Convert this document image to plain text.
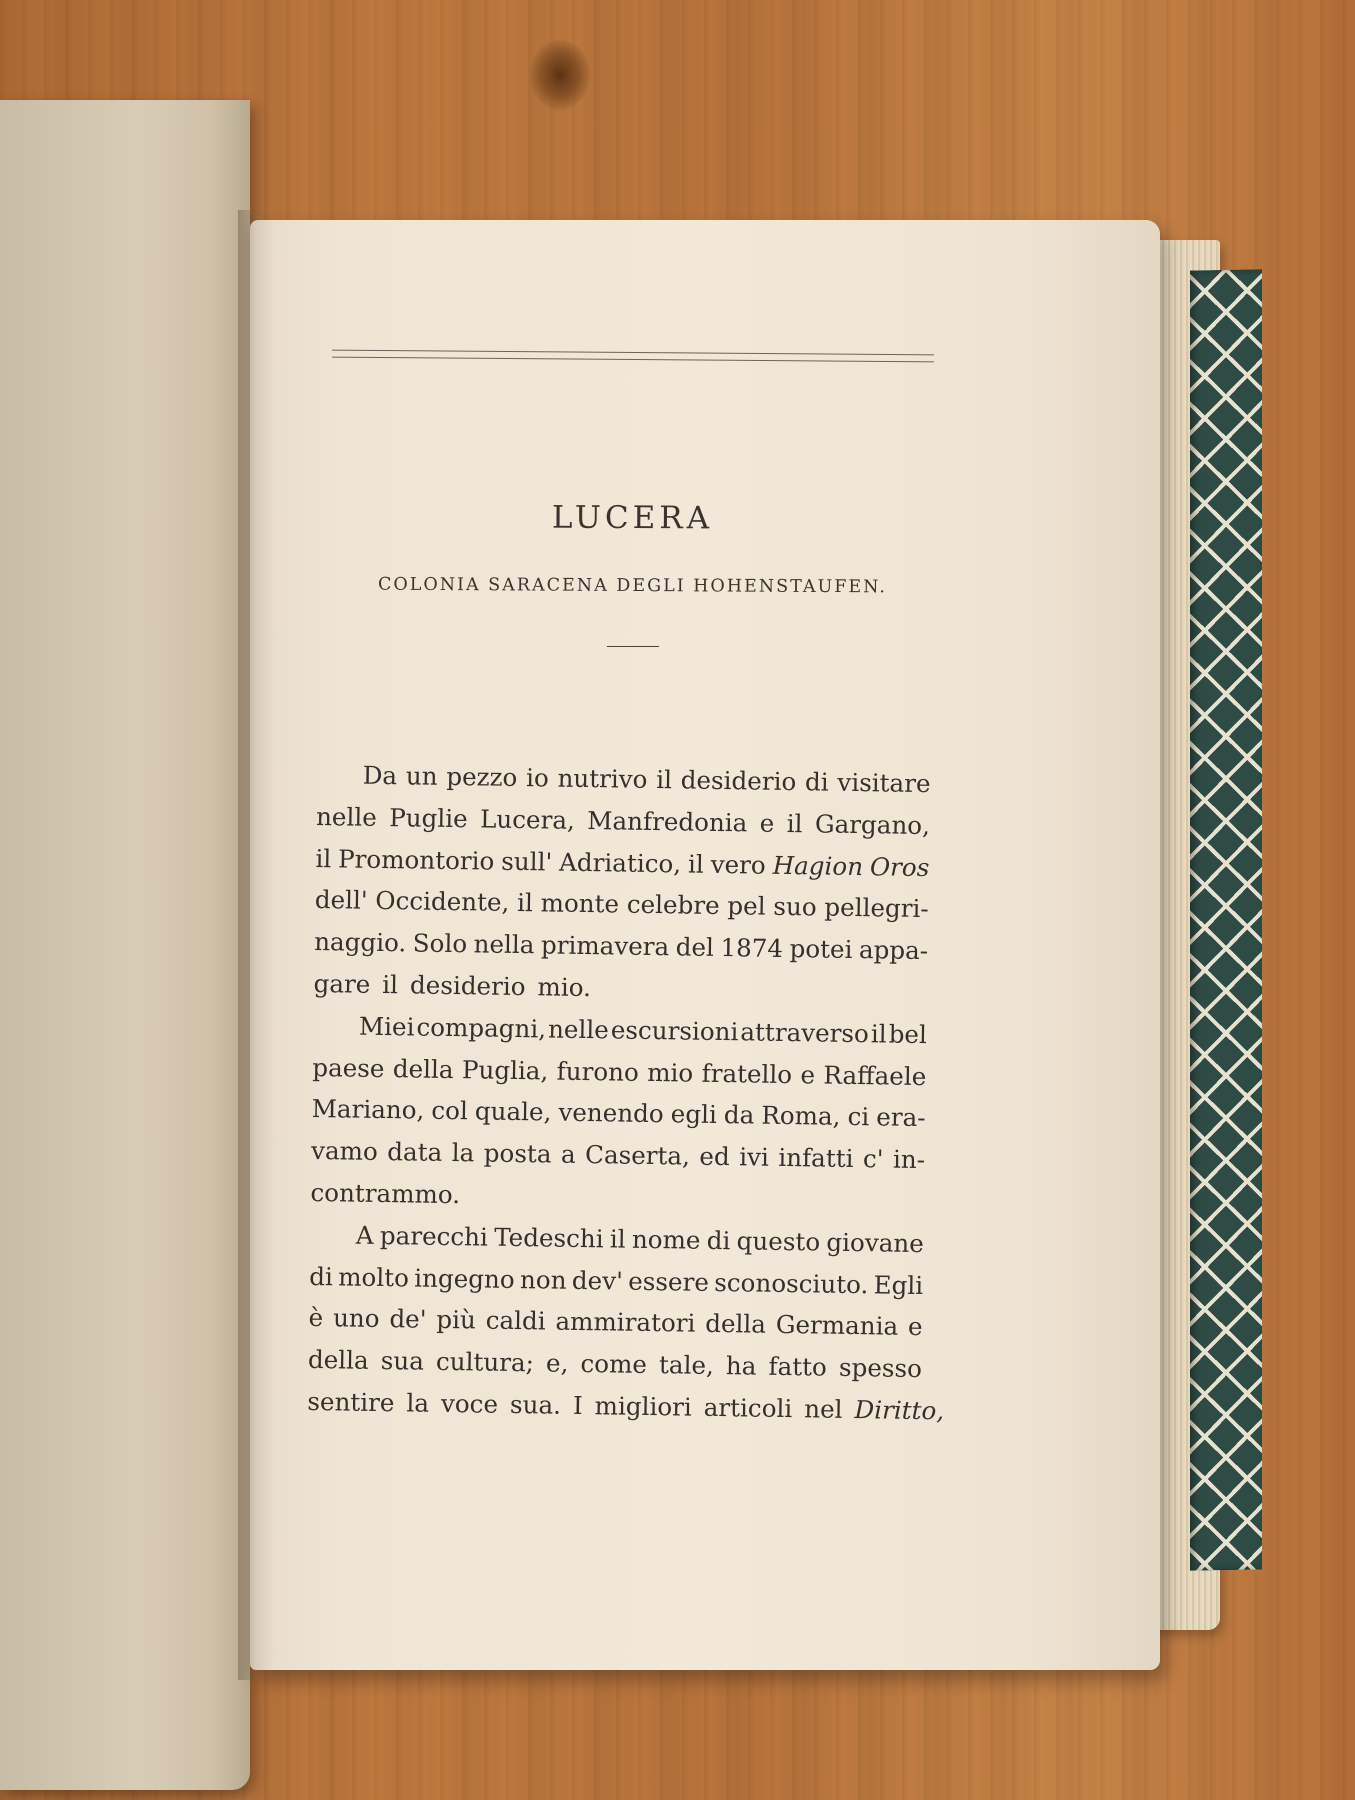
LUCERA
COLONIA SARACENA DEGLI HOHENSTAUFEN.
Da un pezzo io nutrivo il desiderio di visitare
nelle Puglie Lucera, Manfredonia e il Gargano,
il Promontorio sull' Adriatico, il vero Hagion Oros
dell' Occidente, il monte celebre pel suo pellegri-
naggio. Solo nella primavera del 1874 potei appa-
gare il desiderio mio.
Miei compagni, nelle escursioni attraverso il bel
paese della Puglia, furono mio fratello e Raffaele
Mariano, col quale, venendo egli da Roma, ci era-
vamo data la posta a Caserta, ed ivi infatti c' in-
contrammo.
A parecchi Tedeschi il nome di questo giovane
di molto ingegno non dev' essere sconosciuto. Egli
è uno de' più caldi ammiratori della Germania e
della sua cultura; e, come tale, ha fatto spesso
sentire la voce sua. I migliori articoli nel Diritto,
